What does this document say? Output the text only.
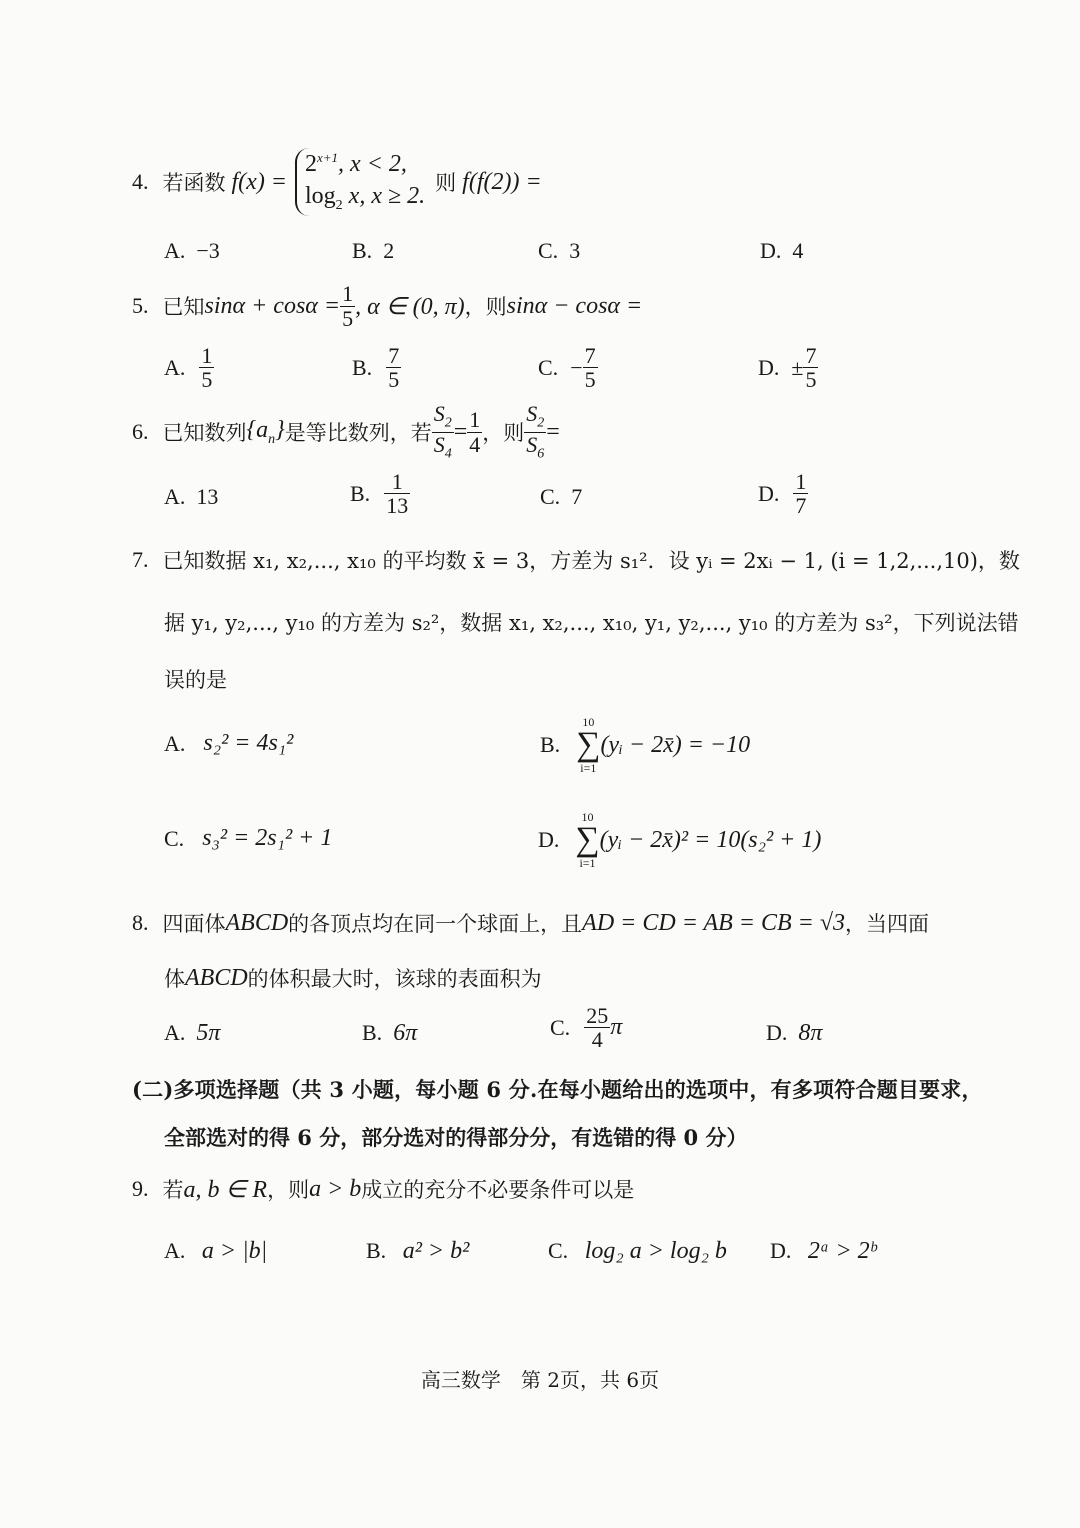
4. 若函数 f(x) =
$2^{x+1}$, x < 2,
$\log_2 x$, x ≥ 2.
则 f(f(2)) =
A. −3	B. 2	C. 3	D. 4
5. 已知 $\sin\alpha + \cos\alpha = \frac{1}{5}$ , α ∈ (0, π) ，则 sinα − cosα =
A. $\frac{1}{5}$	B. $\frac{7}{5}$	C. − $\frac{7}{5}$	D. ± $\frac{7}{5}$
6. 已知数列 $\{a_n\}$ 是等比数列，若 $\frac{S_2}{S_4} = \frac{1}{4}$ ，则 $\frac{S_2}{S_6}$ =
A. 13	B. $\frac{1}{13}$	C. 7	D. $\frac{1}{7}$
7. 已知数据 x₁, x₂,..., x₁₀ 的平均数 x̄ = 3，方差为 s₁²．设 yᵢ = 2xᵢ − 1, (i = 1,2,...,10)，数
据 y₁, y₂,..., y₁₀ 的方差为 s₂²，数据 x₁, x₂,..., x₁₀, y₁, y₂,..., y₁₀ 的方差为 s₃²，下列说法错
误的是
A. s₂² = 4s₁²	B.
10
∑
i=1
(yᵢ − 2x̄) = −10
C. s₃² = 2s₁² + 1	D.
10
∑
i=1
(yᵢ − 2x̄)² = 10(s₂² + 1)
8. 四面体 ABCD 的各顶点均在同一个球面上，且 AD = CD = AB = CB = √3 ，当四面
体 ABCD 的体积最大时，该球的表面积为
A. 5π	B. 6π	C. $\frac{25}{4}$ π	D. 8π
(二)多项选择题（共 3 小题，每小题 6 分.在每小题给出的选项中，有多项符合题目要求，
全部选对的得 6 分，部分选对的得部分分，有选错的得 0 分）
9. 若 a, b ∈ R ，则 a > b 成立的充分不必要条件可以是
A. a > |b|	B. a² > b²	C. log₂ a > log₂ b D. 2ᵃ > 2ᵇ
高三数学　第 2页，共 6页
